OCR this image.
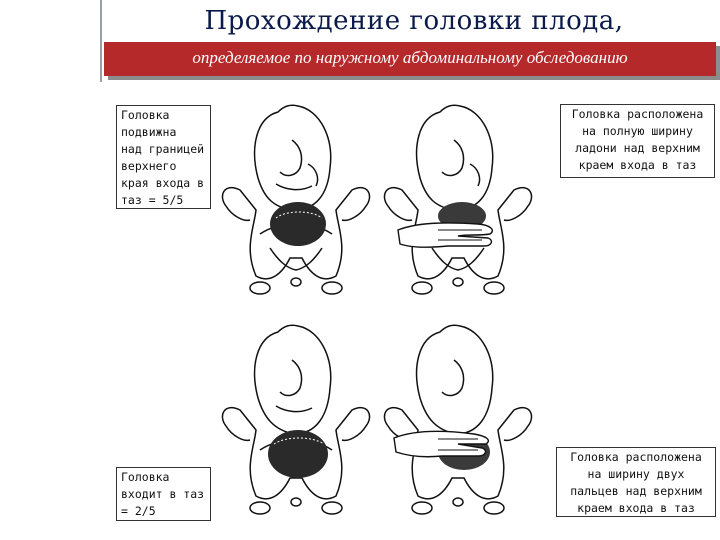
Прохождение головки плода,
определяемое по наружному абдоминальному обследованию
Головка
подвижна
над границей
верхнего
края входа в
таз = 5/5
Головка расположена
на полную ширину
ладони над верхним
краем входа в таз
Головка
входит в таз
= 2/5
Головка расположена
на ширину двух
пальцев над верхним
краем входа в таз
